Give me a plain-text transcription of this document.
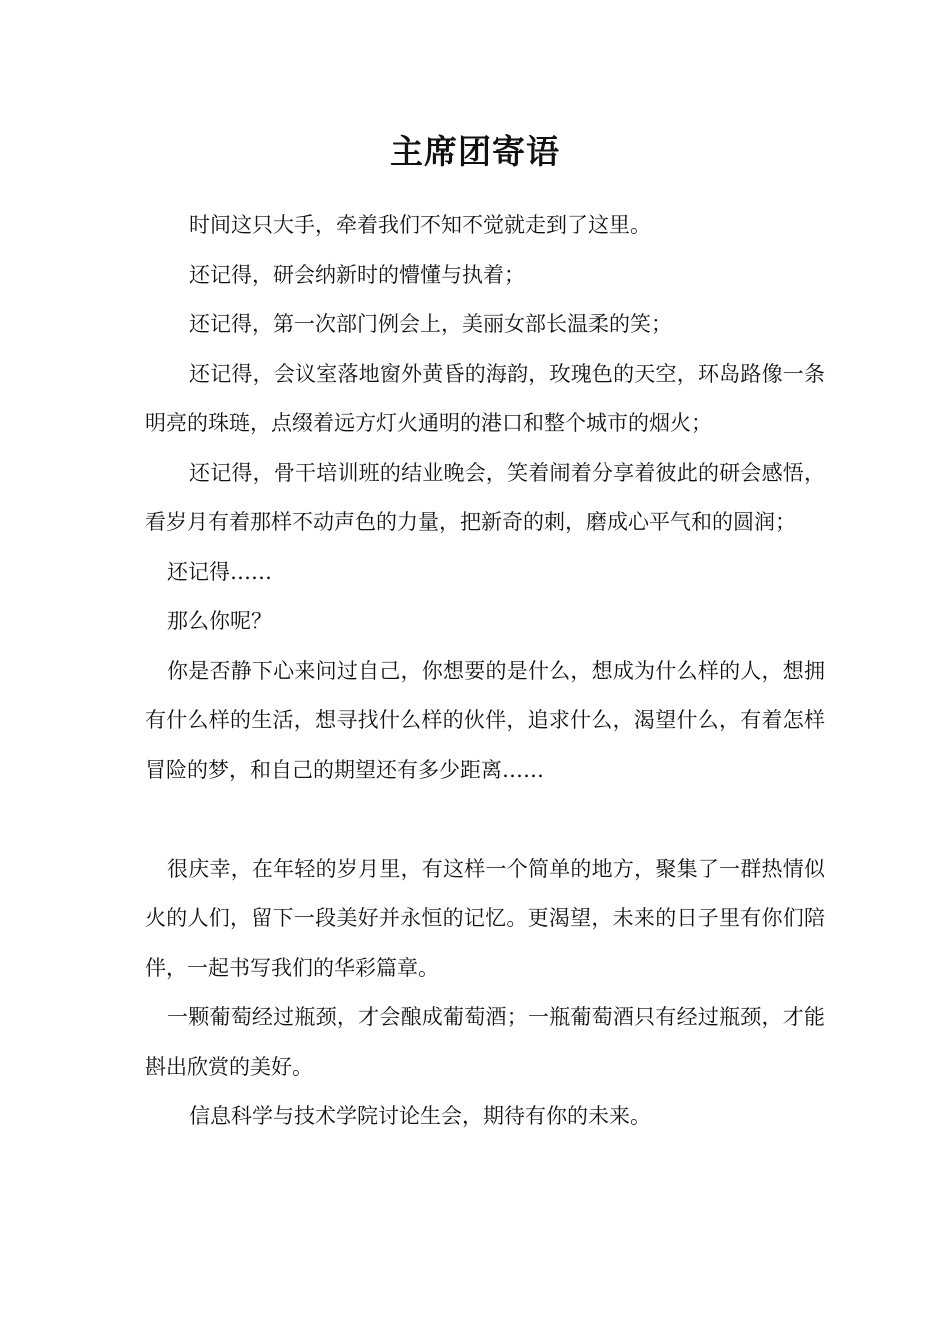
主席团寄语

时间这只大手，牵着我们不知不觉就走到了这里。

还记得，研会纳新时的懵懂与执着；

还记得，第一次部门例会上，美丽女部长温柔的笑；

还记得，会议室落地窗外黄昏的海韵，玫瑰色的天空，环岛路像一条明亮的珠琏，点缀着远方灯火通明的港口和整个城市的烟火；

还记得，骨干培训班的结业晚会，笑着闹着分享着彼此的研会感悟，看岁月有着那样不动声色的力量，把新奇的刺，磨成心平气和的圆润；

还记得……

那么你呢？

你是否静下心来问过自己，你想要的是什么，想成为什么样的人，想拥有什么样的生活，想寻找什么样的伙伴，追求什么，渴望什么，有着怎样冒险的梦，和自己的期望还有多少距离……

很庆幸，在年轻的岁月里，有这样一个简单的地方，聚集了一群热情似火的人们，留下一段美好并永恒的记忆。更渴望，未来的日子里有你们陪伴，一起书写我们的华彩篇章。

一颗葡萄经过瓶颈，才会酿成葡萄酒；一瓶葡萄酒只有经过瓶颈，才能斟出欣赏的美好。

信息科学与技术学院讨论生会，期待有你的未来。
